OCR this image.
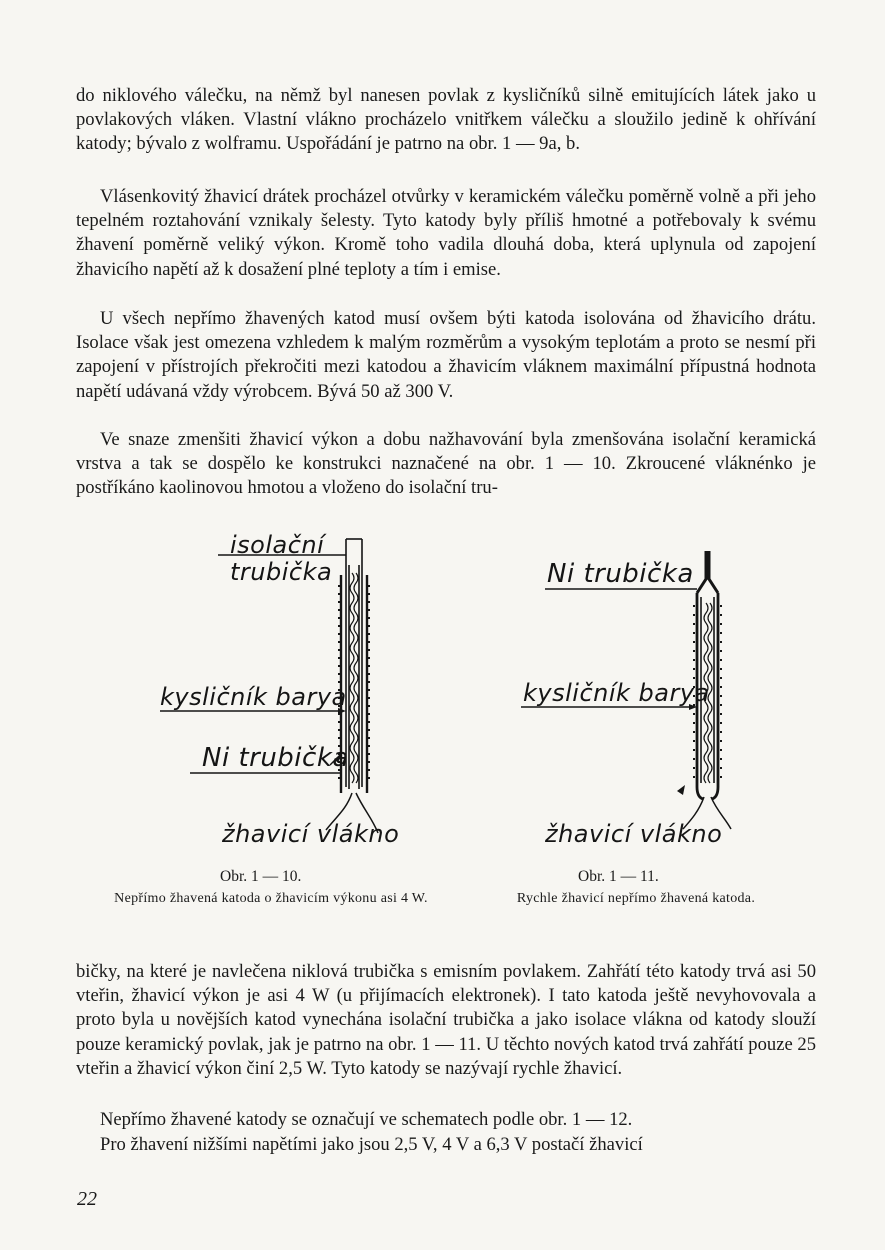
do niklového válečku, na němž byl nanesen povlak z kysličníků silně emitujících látek jako u povlakových vláken. Vlastní vlákno procházelo vnitřkem válečku a sloužilo jedině k ohřívání katody; bývalo z wolframu. Uspořádání je patrno na obr. 1 — 9a, b.

Vlásenkovitý žhavicí drátek procházel otvůrky v keramickém válečku poměrně volně a při jeho tepelném roztahování vznikaly šelesty. Tyto katody byly příliš hmotné a potřebovaly k svému žhavení poměrně veliký výkon. Kromě toho vadila dlouhá doba, která uplynula od zapojení žhavicího napětí až k dosažení plné teploty a tím i emise.

U všech nepřímo žhavených katod musí ovšem býti katoda isolována od žhavicího drátu. Isolace však jest omezena vzhledem k malým rozměrům a vysokým teplotám a proto se nesmí při zapojení v přístrojích překročiti mezi katodou a žhavicím vláknem maximální přípustná hodnota napětí udávaná vždy výrobcem. Bývá 50 až 300 V.

Ve snaze zmenšiti žhavicí výkon a dobu nažhavování byla zmenšována isolační keramická vrstva a tak se dospělo ke konstrukci naznačené na obr. 1 — 10. Zkroucené vláknénko je postříkáno kaolinovou hmotou a vloženo do isolační tru-

isolační
trubička
kysličník barya
Ni trubička
žhavicí vlákno
Obr. 1 — 10.
Nepřímo žhavená katoda o žhavicím výkonu asi 4 W.
Ni trubička
kysličník barya
žhavicí vlákno
Obr. 1 — 11.
Rychle žhavicí nepřímo žhavená katoda.

bičky, na které je navlečena niklová trubička s emisním povlakem. Zahřátí této katody trvá asi 50 vteřin, žhavicí výkon je asi 4 W (u přijímacích elektronek). I tato katoda ještě nevyhovovala a proto byla u novějších katod vynechána isolační trubička a jako isolace vlákna od katody slouží pouze keramický povlak, jak je patrno na obr. 1 — 11. U těchto nových katod trvá zahřátí pouze 25 vteřin a žhavicí výkon činí 2,5 W. Tyto katody se nazývají rychle žhavicí.

Nepřímo žhavené katody se označují ve schematech podle obr. 1 — 12.

Pro žhavení nižšími napětími jako jsou 2,5 V, 4 V a 6,3 V postačí žhavicí

22
